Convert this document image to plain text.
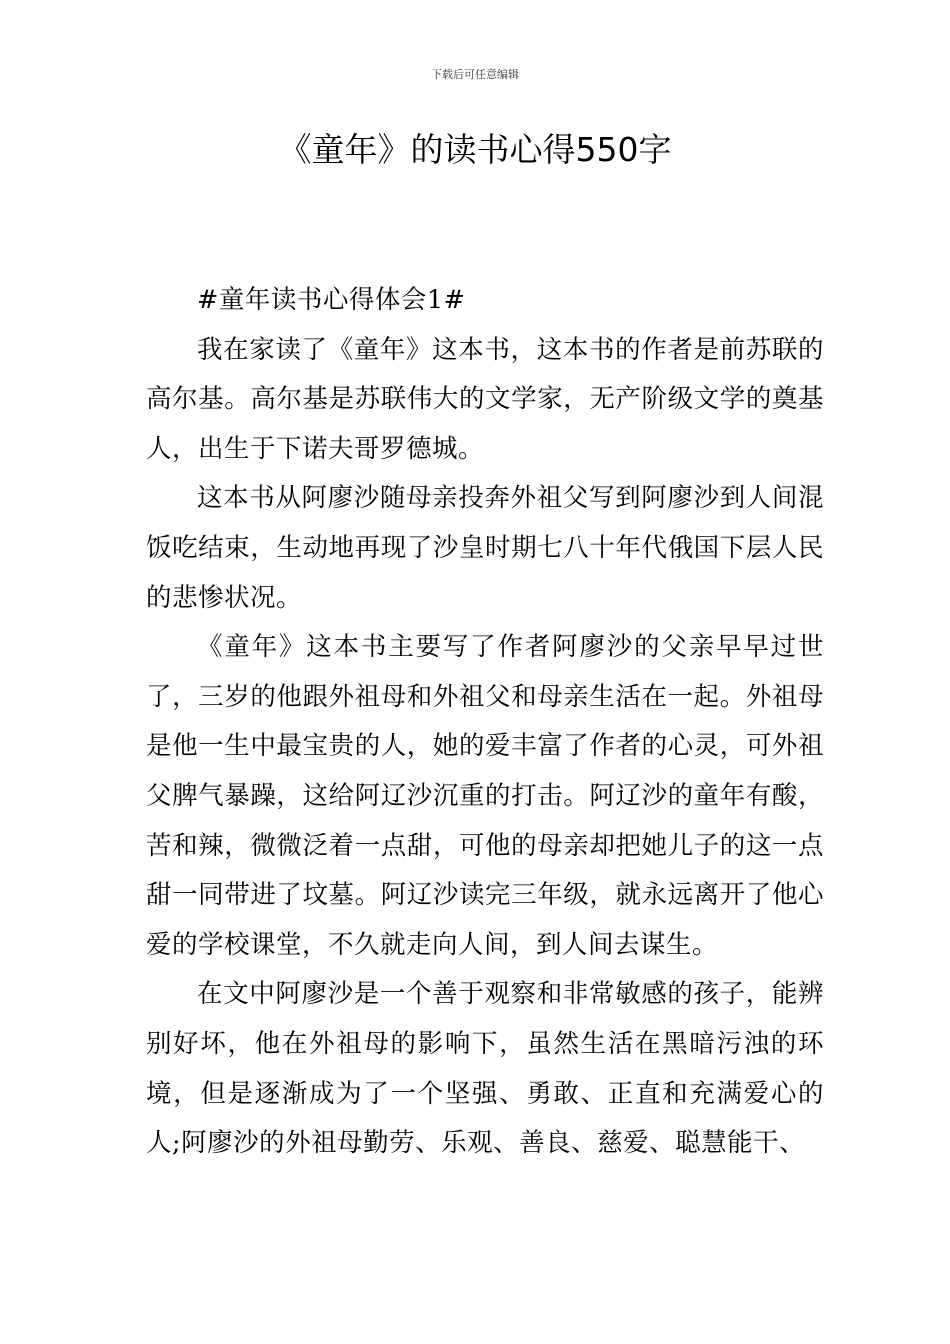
下载后可任意编辑
《童年》的读书心得550字

#童年读书心得体会1#

我在家读了《童年》这本书，这本书的作者是前苏联的高尔基。高尔基是苏联伟大的文学家，无产阶级文学的奠基人，出生于下诺夫哥罗德城。

这本书从阿廖沙随母亲投奔外祖父写到阿廖沙到人间混饭吃结束，生动地再现了沙皇时期七八十年代俄国下层人民的悲惨状况。

《童年》这本书主要写了作者阿廖沙的父亲早早过世了，三岁的他跟外祖母和外祖父和母亲生活在一起。外祖母是他一生中最宝贵的人，她的爱丰富了作者的心灵，可外祖父脾气暴躁，这给阿辽沙沉重的打击。阿辽沙的童年有酸，苦和辣，微微泛着一点甜，可他的母亲却把她儿子的这一点甜一同带进了坟墓。阿辽沙读完三年级，就永远离开了他心爱的学校课堂，不久就走向人间，到人间去谋生。

在文中阿廖沙是一个善于观察和非常敏感的孩子，能辨别好坏，他在外祖母的影响下，虽然生活在黑暗污浊的环境，但是逐渐成为了一个坚强、勇敢、正直和充满爱心的人;阿廖沙的外祖母勤劳、乐观、善良、慈爱、聪慧能干、
